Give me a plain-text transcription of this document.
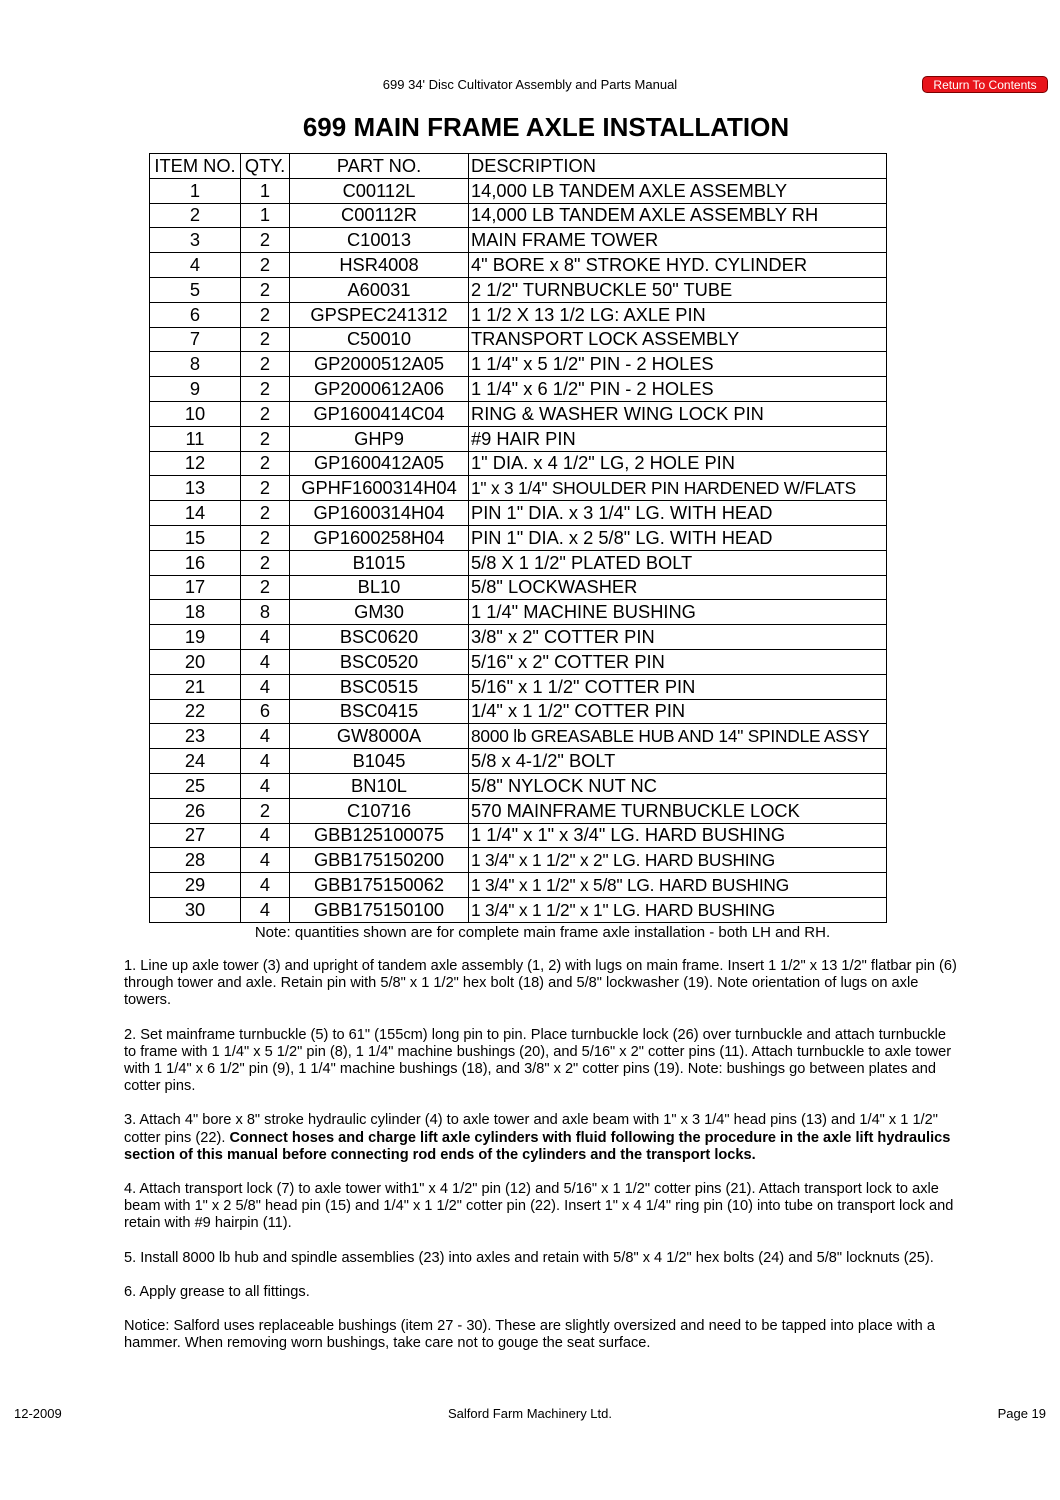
699 34' Disc Cultivator Assembly and Parts Manual	Return To Contents
699 MAIN FRAME AXLE INSTALLATION
ITEM NO.	QTY.	PART NO.	DESCRIPTION
1	1	C00112L	14,000 LB TANDEM AXLE ASSEMBLY
2	1	C00112R	14,000 LB TANDEM AXLE ASSEMBLY RH
3	2	C10013	MAIN FRAME TOWER
4	2	HSR4008	4" BORE x 8" STROKE HYD. CYLINDER
5	2	A60031	2 1/2" TURNBUCKLE 50" TUBE
6	2	GPSPEC241312	1 1/2 X 13 1/2 LG: AXLE PIN
7	2	C50010	TRANSPORT LOCK ASSEMBLY
8	2	GP2000512A05	1 1/4" x 5 1/2" PIN - 2 HOLES
9	2	GP2000612A06	1 1/4" x 6 1/2" PIN - 2 HOLES
10	2	GP1600414C04	RING & WASHER WING LOCK PIN
11	2	GHP9	#9 HAIR PIN
12	2	GP1600412A05	1" DIA. x 4 1/2" LG, 2 HOLE PIN
13	2	GPHF1600314H04	1" x 3 1/4" SHOULDER PIN HARDENED W/FLATS
14	2	GP1600314H04	PIN 1" DIA. x 3 1/4" LG. WITH HEAD
15	2	GP1600258H04	PIN 1" DIA. x 2 5/8" LG. WITH HEAD
16	2	B1015	5/8 X 1 1/2" PLATED BOLT
17	2	BL10	5/8" LOCKWASHER
18	8	GM30	1 1/4" MACHINE BUSHING
19	4	BSC0620	3/8" x 2" COTTER PIN
20	4	BSC0520	5/16" x 2" COTTER PIN
21	4	BSC0515	5/16" x 1 1/2" COTTER PIN
22	6	BSC0415	1/4" x 1 1/2" COTTER PIN
23	4	GW8000A	8000 lb GREASABLE HUB AND 14" SPINDLE ASSY
24	4	B1045	5/8 x 4-1/2" BOLT
25	4	BN10L	5/8" NYLOCK NUT NC
26	2	C10716	570 MAINFRAME TURNBUCKLE LOCK
27	4	GBB125100075	1 1/4" x 1" x 3/4" LG. HARD BUSHING
28	4	GBB175150200	1 3/4" x 1 1/2" x 2" LG. HARD BUSHING
29	4	GBB175150062	1 3/4" x 1 1/2" x 5/8" LG. HARD BUSHING
30	4	GBB175150100	1 3/4" x 1 1/2" x 1" LG. HARD BUSHING
Note: quantities shown are for complete main frame axle installation - both LH and RH.

1. Line up axle tower (3) and upright of tandem axle assembly (1, 2) with lugs on main frame. Insert 1 1/2" x 13 1/2" flatbar pin (6) through tower and axle. Retain pin with 5/8" x 1 1/2" hex bolt (18) and 5/8" lockwasher (19). Note orientation of lugs on axle towers.

2. Set mainframe turnbuckle (5) to 61" (155cm) long pin to pin. Place turnbuckle lock (26) over turnbuckle and attach turnbuckle to frame with 1 1/4" x 5 1/2" pin (8), 1 1/4" machine bushings (20), and 5/16" x 2" cotter pins (11). Attach turnbuckle to axle tower with 1 1/4" x 6 1/2" pin (9), 1 1/4" machine bushings (18), and 3/8" x 2" cotter pins (19). Note: bushings go between plates and cotter pins.

3. Attach 4" bore x 8" stroke hydraulic cylinder (4) to axle tower and axle beam with 1" x 3 1/4" head pins (13) and 1/4" x 1 1/2" cotter pins (22). Connect hoses and charge lift axle cylinders with fluid following the procedure in the axle lift hydraulics section of this manual before connecting rod ends of the cylinders and the transport locks.

4. Attach transport lock (7) to axle tower with1" x 4 1/2" pin (12) and 5/16" x 1 1/2" cotter pins (21). Attach transport lock to axle beam with 1" x 2 5/8" head pin (15) and 1/4" x 1 1/2" cotter pin (22). Insert 1" x 4 1/4" ring pin (10) into tube on transport lock and retain with #9 hairpin (11).

5. Install 8000 lb hub and spindle assemblies (23) into axles and retain with 5/8" x 4 1/2" hex bolts (24) and 5/8" locknuts (25).

6. Apply grease to all fittings.

Notice: Salford uses replaceable bushings (item 27 - 30). These are slightly oversized and need to be tapped into place with a hammer. When removing worn bushings, take care not to gouge the seat surface.

12-2009	Salford Farm Machinery Ltd.	Page 19
